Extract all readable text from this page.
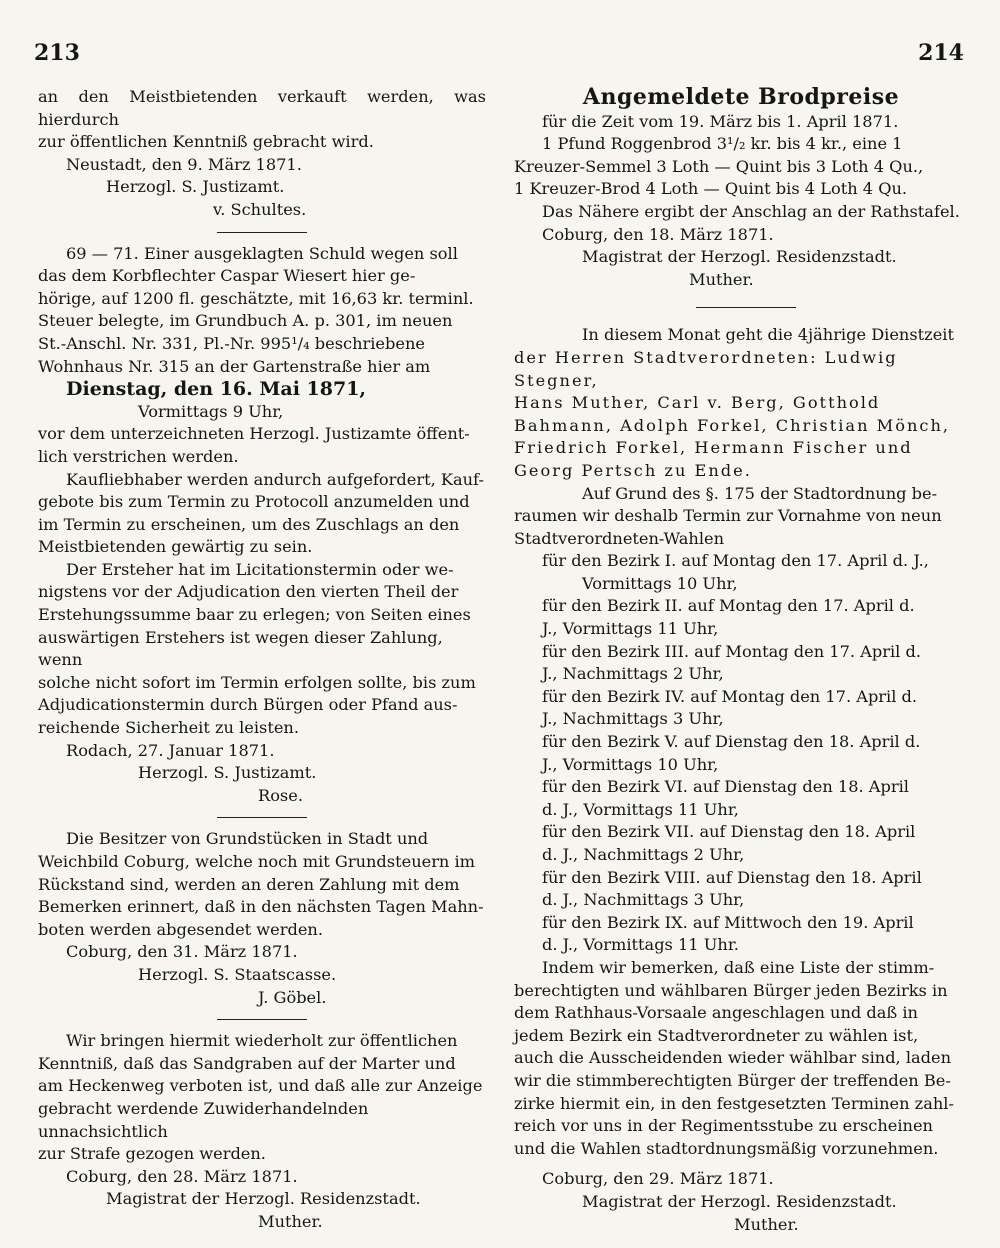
213	214

an den Meistbietenden verkauft werden, was hierdurch

zur öffentlichen Kenntniß gebracht wird.

Neustadt, den 9. März 1871.

Herzogl. S. Justizamt.

v. Schultes.

69 — 71. Einer ausgeklagten Schuld wegen soll

das dem Korbflechter Caspar Wiesert hier ge-

hörige, auf 1200 fl. geschätzte, mit 16,63 kr. terminl.

Steuer belegte, im Grundbuch A. p. 301, im neuen

St.-Anschl. Nr. 331, Pl.-Nr. 995¹/₄ beschriebene

Wohnhaus Nr. 315 an der Gartenstraße hier am

Dienstag, den 16. Mai 1871,

Vormittags 9 Uhr,

vor dem unterzeichneten Herzogl. Justizamte öffent-

lich verstrichen werden.

Kaufliebhaber werden andurch aufgefordert, Kauf-

gebote bis zum Termin zu Protocoll anzumelden und

im Termin zu erscheinen, um des Zuschlags an den

Meistbietenden gewärtig zu sein.

Der Ersteher hat im Licitationstermin oder we-

nigstens vor der Adjudication den vierten Theil der

Erstehungssumme baar zu erlegen; von Seiten eines

auswärtigen Erstehers ist wegen dieser Zahlung, wenn

solche nicht sofort im Termin erfolgen sollte, bis zum

Adjudicationstermin durch Bürgen oder Pfand aus-

reichende Sicherheit zu leisten.

Rodach, 27. Januar 1871.

Herzogl. S. Justizamt.

Rose.

Die Besitzer von Grundstücken in Stadt und

Weichbild Coburg, welche noch mit Grundsteuern im

Rückstand sind, werden an deren Zahlung mit dem

Bemerken erinnert, daß in den nächsten Tagen Mahn-

boten werden abgesendet werden.

Coburg, den 31. März 1871.

Herzogl. S. Staatscasse.

J. Göbel.

Wir bringen hiermit wiederholt zur öffentlichen

Kenntniß, daß das Sandgraben auf der Marter und

am Heckenweg verboten ist, und daß alle zur Anzeige

gebracht werdende Zuwiderhandelnden unnachsichtlich

zur Strafe gezogen werden.

Coburg, den 28. März 1871.

Magistrat der Herzogl. Residenzstadt.

Muther.

Angemeldete Brodpreise

für die Zeit vom 19. März bis 1. April 1871.

1 Pfund Roggenbrod 3¹/₂ kr. bis 4 kr., eine 1

Kreuzer-Semmel 3 Loth — Quint bis 3 Loth 4 Qu.,

1 Kreuzer-Brod 4 Loth — Quint bis 4 Loth 4 Qu.

Das Nähere ergibt der Anschlag an der Rathstafel.

Coburg, den 18. März 1871.

Magistrat der Herzogl. Residenzstadt.

Muther.

In diesem Monat geht die 4jährige Dienstzeit

der Herren Stadtverordneten: Ludwig Stegner,

Hans Muther, Carl v. Berg, Gotthold

Bahmann, Adolph Forkel, Christian Mönch,

Friedrich Forkel, Hermann Fischer und

Georg Pertsch zu Ende.

Auf Grund des §. 175 der Stadtordnung be-

raumen wir deshalb Termin zur Vornahme von neun

Stadtverordneten-Wahlen

für den Bezirk I. auf Montag den 17. April d. J.,

Vormittags 10 Uhr,

für den Bezirk II. auf Montag den 17. April d.

J., Vormittags 11 Uhr,

für den Bezirk III. auf Montag den 17. April d.

J., Nachmittags 2 Uhr,

für den Bezirk IV. auf Montag den 17. April d.

J., Nachmittags 3 Uhr,

für den Bezirk V. auf Dienstag den 18. April d.

J., Vormittags 10 Uhr,

für den Bezirk VI. auf Dienstag den 18. April

d. J., Vormittags 11 Uhr,

für den Bezirk VII. auf Dienstag den 18. April

d. J., Nachmittags 2 Uhr,

für den Bezirk VIII. auf Dienstag den 18. April

d. J., Nachmittags 3 Uhr,

für den Bezirk IX. auf Mittwoch den 19. April

d. J., Vormittags 11 Uhr.

Indem wir bemerken, daß eine Liste der stimm-

berechtigten und wählbaren Bürger jeden Bezirks in

dem Rathhaus-Vorsaale angeschlagen und daß in

jedem Bezirk ein Stadtverordneter zu wählen ist,

auch die Ausscheidenden wieder wählbar sind, laden

wir die stimmberechtigten Bürger der treffenden Be-

zirke hiermit ein, in den festgesetzten Terminen zahl-

reich vor uns in der Regimentsstube zu erscheinen

und die Wahlen stadtordnungsmäßig vorzunehmen.

Coburg, den 29. März 1871.

Magistrat der Herzogl. Residenzstadt.

Muther.
